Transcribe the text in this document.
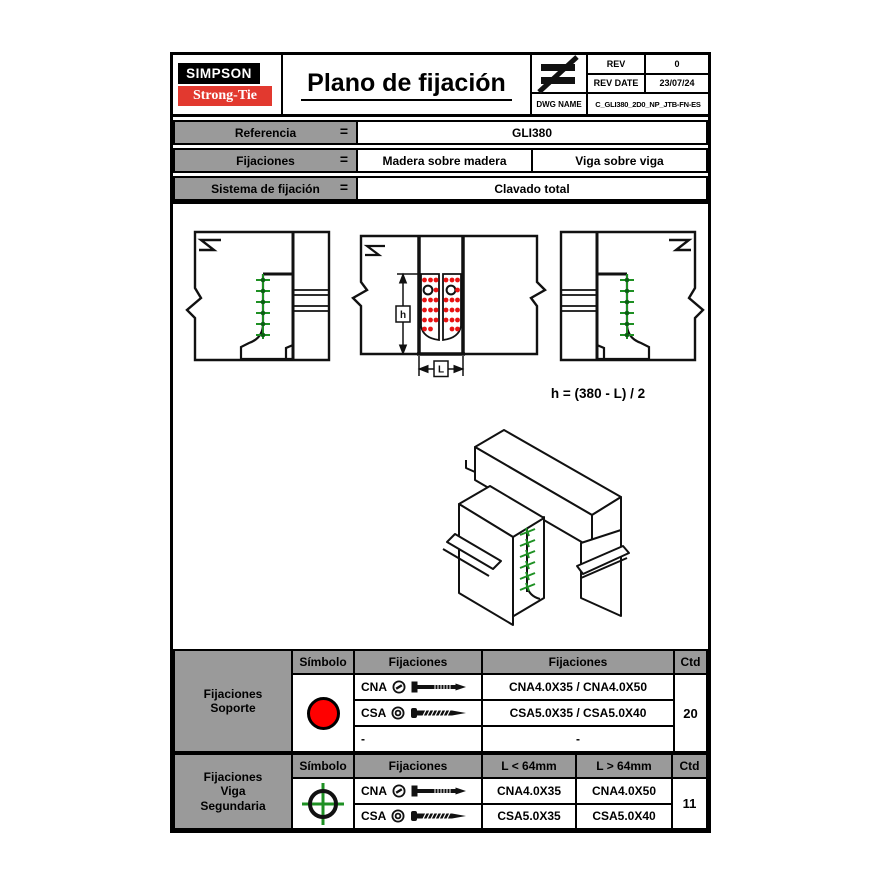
SIMPSON
Strong-Tie	Plano de fijación
REV	0
REV DATE	23/07/24
DWG NAME	C_GLI380_2D0_NP_JTB-FN-ES
Referencia	=	GLI380
Fijaciones	=	Madera sobre madera	Viga sobre viga
Sistema de fijación =	Clavado total
h
L
h = (380 - L) / 2
Fijaciones Soporte
Símbolo	Fijaciones	Fijaciones	Ctd
CNA	CNA4.0X35 / CNA4.0X50
20
CSA	CSA5.0X35 / CSA5.0X40
-	-
Fijaciones Viga Segundaria
Símbolo	Fijaciones	L < 64mm	L > 64mm	Ctd
CNA	CNA4.0X35	CNA4.0X50
11
CSA	CSA5.0X35	CSA5.0X40
